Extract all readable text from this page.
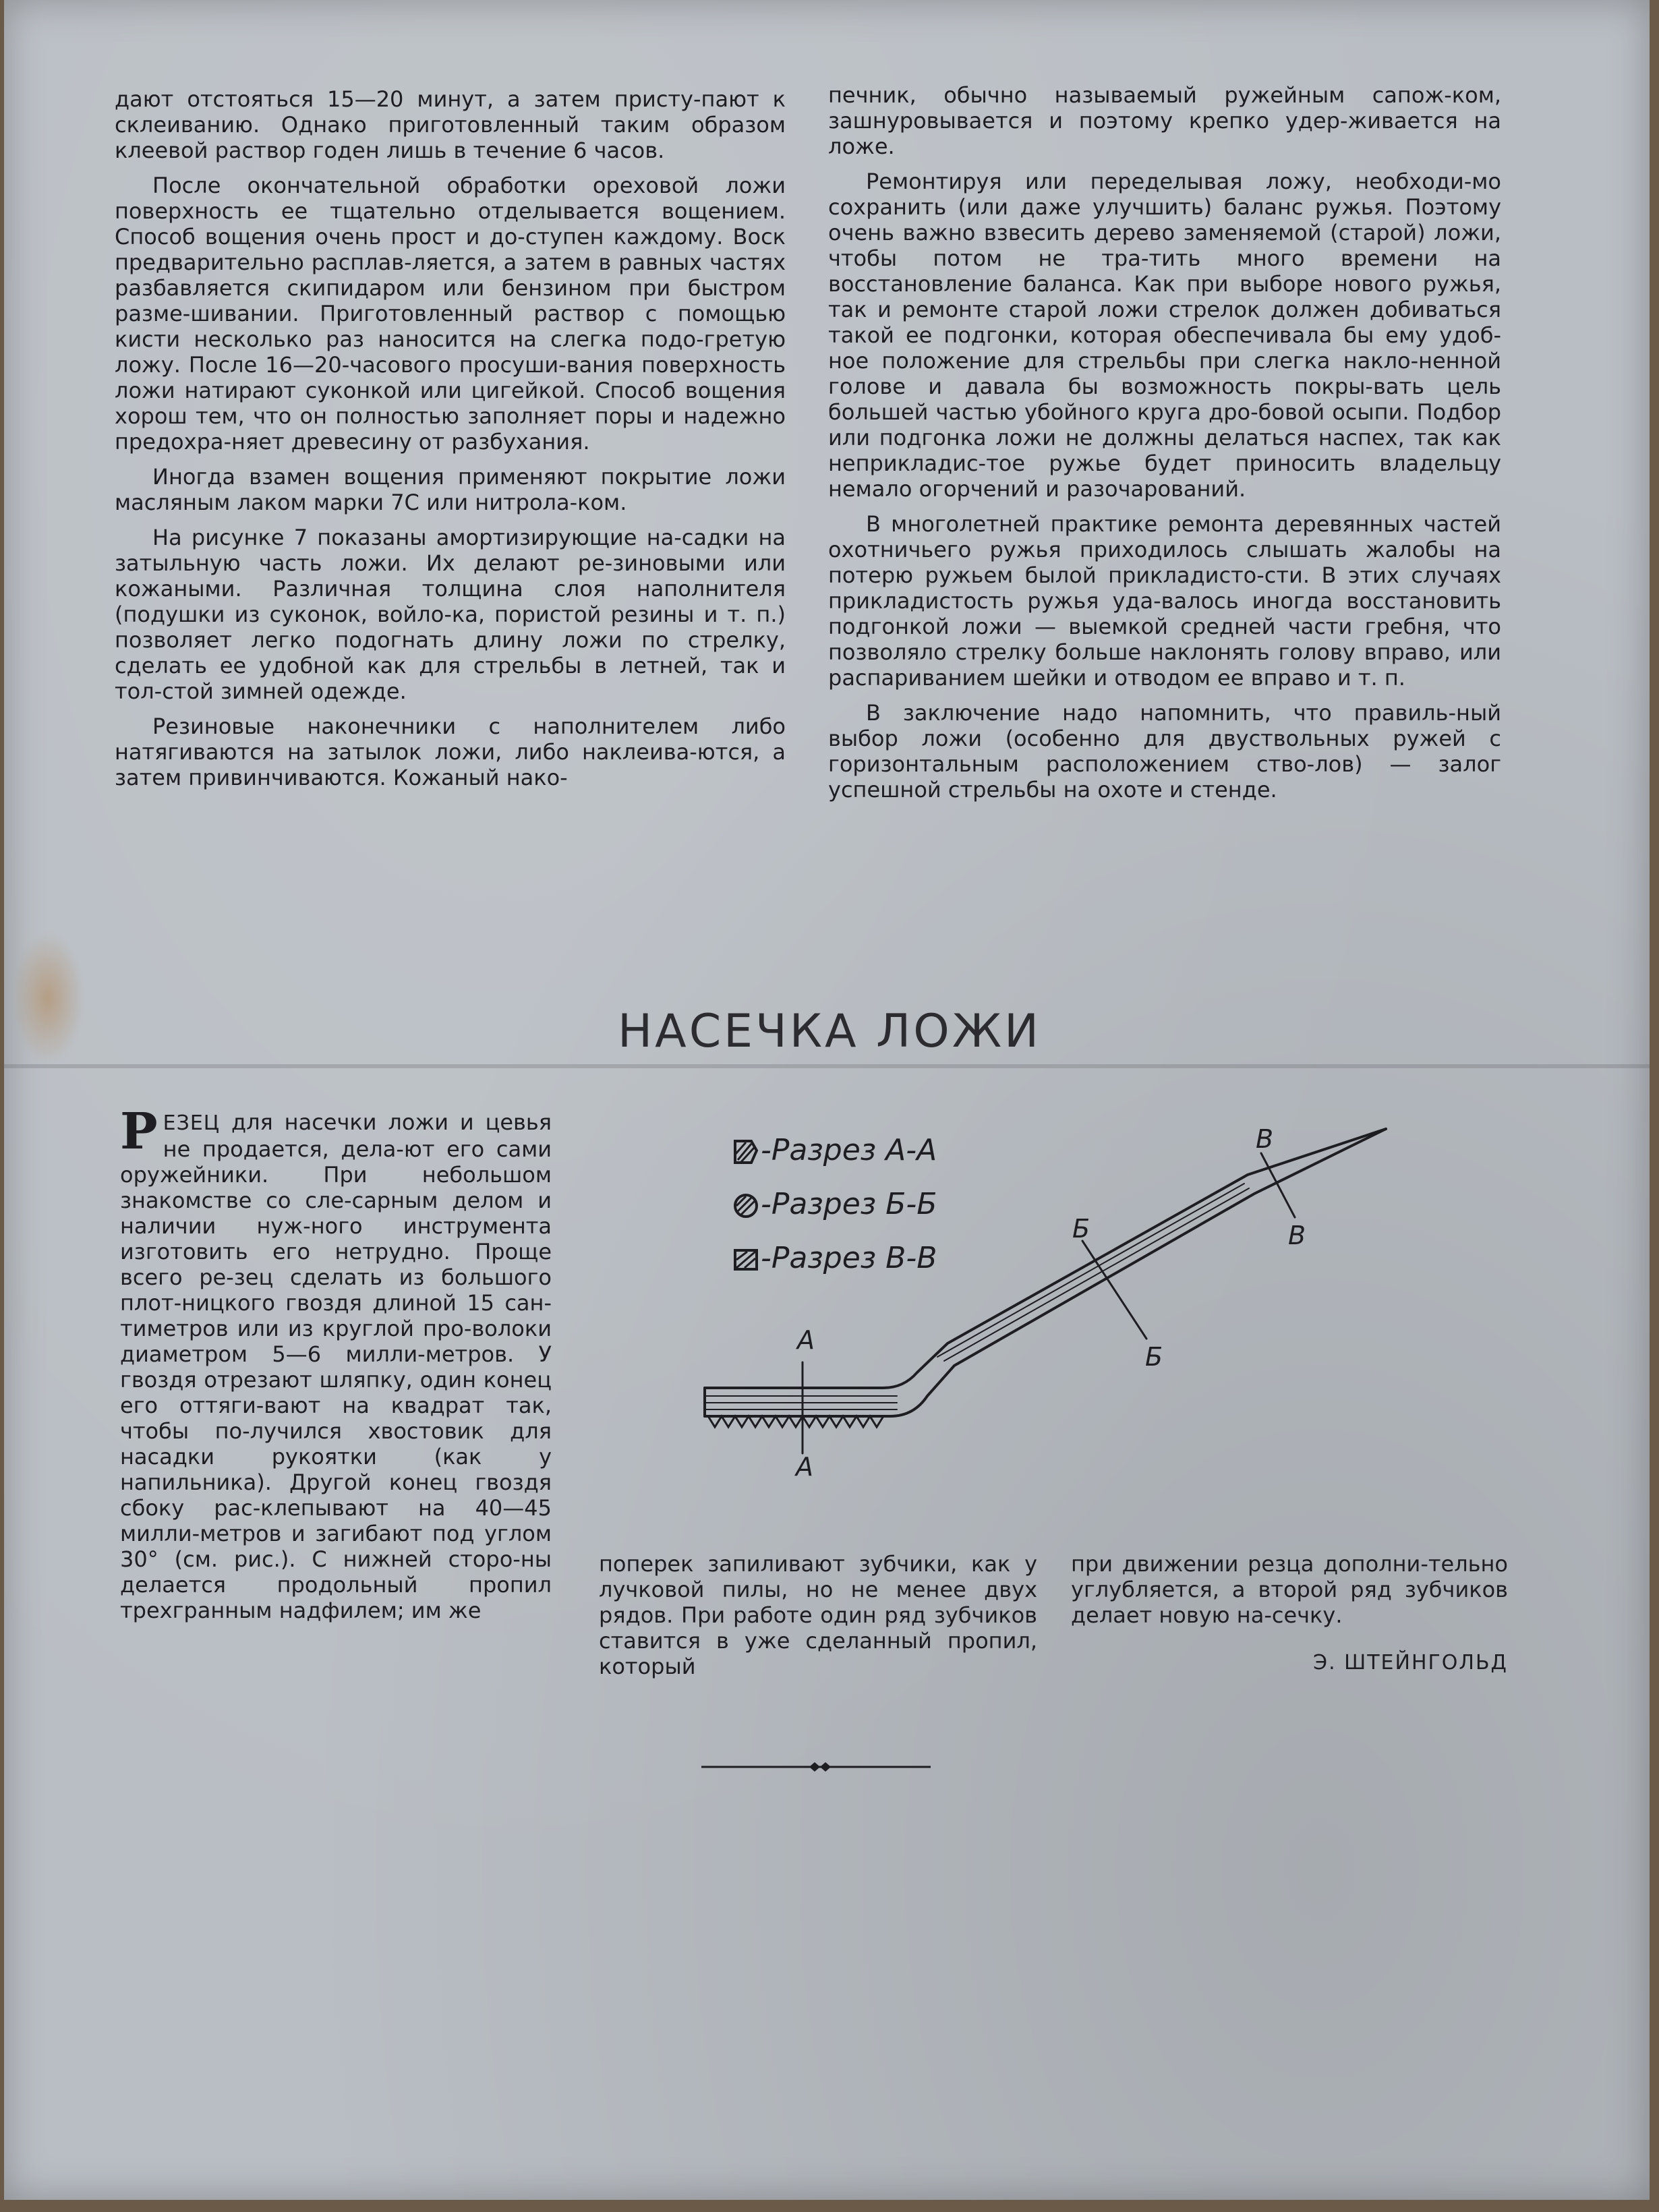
дают отстояться 15—20 минут, а затем присту-пают к склеиванию. Однако приготовленный таким образом клеевой раствор годен лишь в течение 6 часов.

После окончательной обработки ореховой ложи поверхность ее тщательно отделывается вощением. Способ вощения очень прост и до-ступен каждому. Воск предварительно расплав-ляется, а затем в равных частях разбавляется скипидаром или бензином при быстром разме-шивании. Приготовленный раствор с помощью кисти несколько раз наносится на слегка подо-гретую ложу. После 16—20-часового просуши-вания поверхность ложи натирают суконкой или цигейкой. Способ вощения хорош тем, что он полностью заполняет поры и надежно предохра-няет древесину от разбухания.

Иногда взамен вощения применяют покрытие ложи масляным лаком марки 7С или нитрола-ком.

На рисунке 7 показаны амортизирующие на-садки на затыльную часть ложи. Их делают ре-зиновыми или кожаными. Различная толщина слоя наполнителя (подушки из суконок, войло-ка, пористой резины и т. п.) позволяет легко подогнать длину ложи по стрелку, сделать ее удобной как для стрельбы в летней, так и тол-стой зимней одежде.

Резиновые наконечники с наполнителем либо натягиваются на затылок ложи, либо наклеива-ются, а затем привинчиваются. Кожаный нако-

печник, обычно называемый ружейным сапож-ком, зашнуровывается и поэтому крепко удер-живается на ложе.

Ремонтируя или переделывая ложу, необходи-мо сохранить (или даже улучшить) баланс ружья. Поэтому очень важно взвесить дерево заменяемой (старой) ложи, чтобы потом не тра-тить много времени на восстановление баланса. Как при выборе нового ружья, так и ремонте старой ложи стрелок должен добиваться такой ее подгонки, которая обеспечивала бы ему удоб-ное положение для стрельбы при слегка накло-ненной голове и давала бы возможность покры-вать цель большей частью убойного круга дро-бовой осыпи. Подбор или подгонка ложи не должны делаться наспех, так как неприкладис-тое ружье будет приносить владельцу немало огорчений и разочарований.

В многолетней практике ремонта деревянных частей охотничьего ружья приходилось слышать жалобы на потерю ружьем былой прикладисто-сти. В этих случаях прикладистость ружья уда-валось иногда восстановить подгонкой ложи — выемкой средней части гребня, что позволяло стрелку больше наклонять голову вправо, или распариванием шейки и отводом ее вправо и т. п.

В заключение надо напомнить, что правиль-ный выбор ложи (особенно для двуствольных ружей с горизонтальным расположением ство-лов) — залог успешной стрельбы на охоте и стенде.

НАСЕЧКА ЛОЖИ

РЕЗЕЦ для насечки ложи и цевья не продается, дела-ют его сами оружейники. При небольшом знакомстве со сле-сарным делом и наличии нуж-ного инструмента изготовить его нетрудно. Проще всего ре-зец сделать из большого плот-ницкого гвоздя длиной 15 сан-тиметров или из круглой про-волоки диаметром 5—6 милли-метров. У гвоздя отрезают шляпку, один конец его оттяги-вают на квадрат так, чтобы по-лучился хвостовик для насадки рукоятки (как у напильника). Другой конец гвоздя сбоку рас-клепывают на 40—45 милли-метров и загибают под углом 30° (см. рис.). С нижней сторо-ны делается продольный пропил трехгранным надфилем; им же

поперек запиливают зубчики, как у лучковой пилы, но не менее двух рядов. При работе один ряд зубчиков ставится в уже сделанный пропил, который

при движении резца дополни-тельно углубляется, а второй ряд зубчиков делает новую на-сечку.

Э. ШТЕЙНГОЛЬД
-Разрез А-А
-Разрез Б-Б
-Разрез В-В
А
А
Б
Б
В
В
